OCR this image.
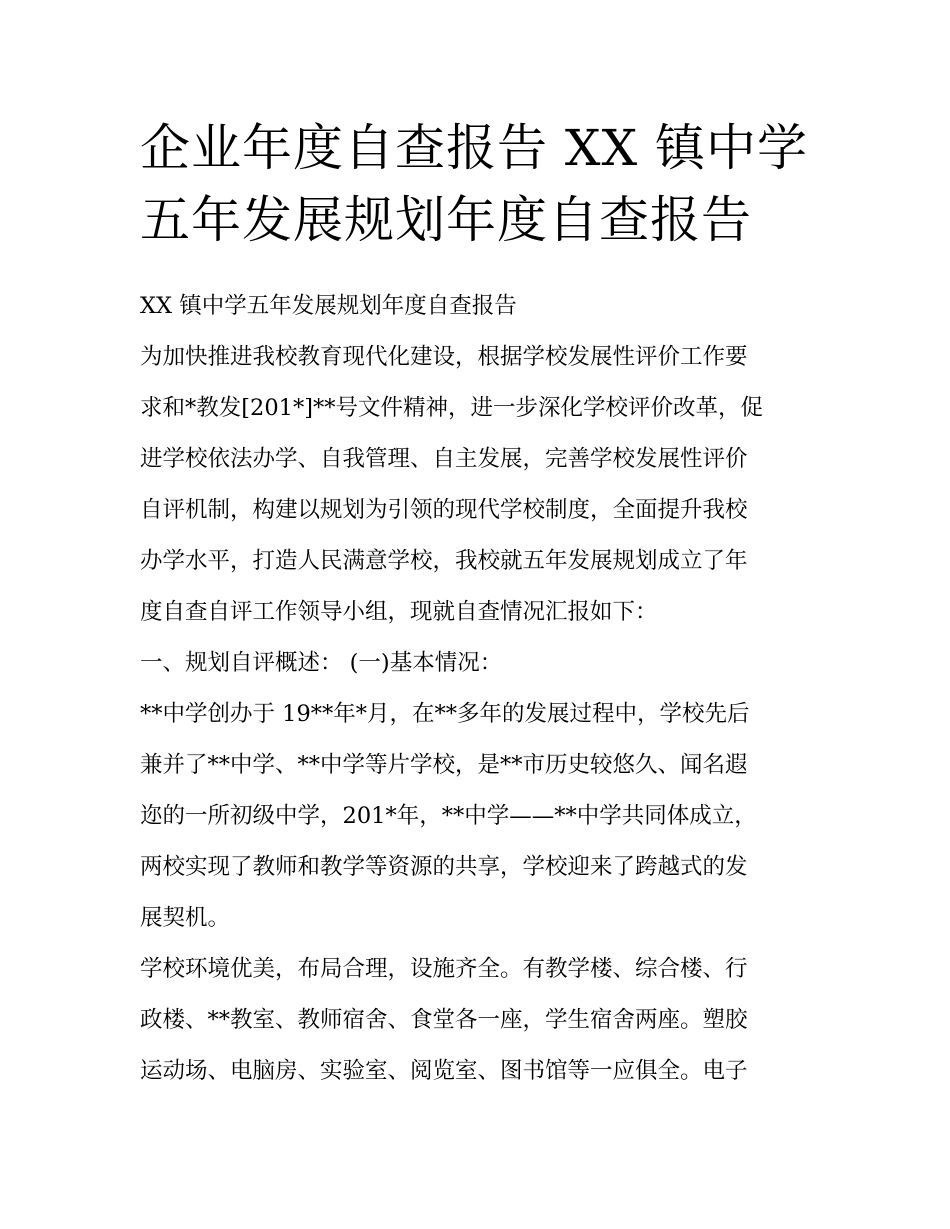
企业年度自查报告 XX 镇中学
五年发展规划年度自查报告
XX 镇中学五年发展规划年度自查报告
为加快推进我校教育现代化建设，根据学校发展性评价工作要
求和*教发[201*]**号文件精神，进一步深化学校评价改革，促
进学校依法办学、自我管理、自主发展，完善学校发展性评价
自评机制，构建以规划为引领的现代学校制度，全面提升我校
办学水平，打造人民满意学校，我校就五年发展规划成立了年
度自查自评工作领导小组，现就自查情况汇报如下：
一、规划自评概述： (一)基本情况：
**中学创办于 19**年*月，在**多年的发展过程中，学校先后
兼并了**中学、**中学等片学校，是**市历史较悠久、闻名遐
迩的一所初级中学，201*年，**中学——**中学共同体成立，
两校实现了教师和教学等资源的共享，学校迎来了跨越式的发
展契机。
学校环境优美，布局合理，设施齐全。有教学楼、综合楼、行
政楼、**教室、教师宿舍、食堂各一座，学生宿舍两座。塑胶
运动场、电脑房、实验室、阅览室、图书馆等一应俱全。电子
